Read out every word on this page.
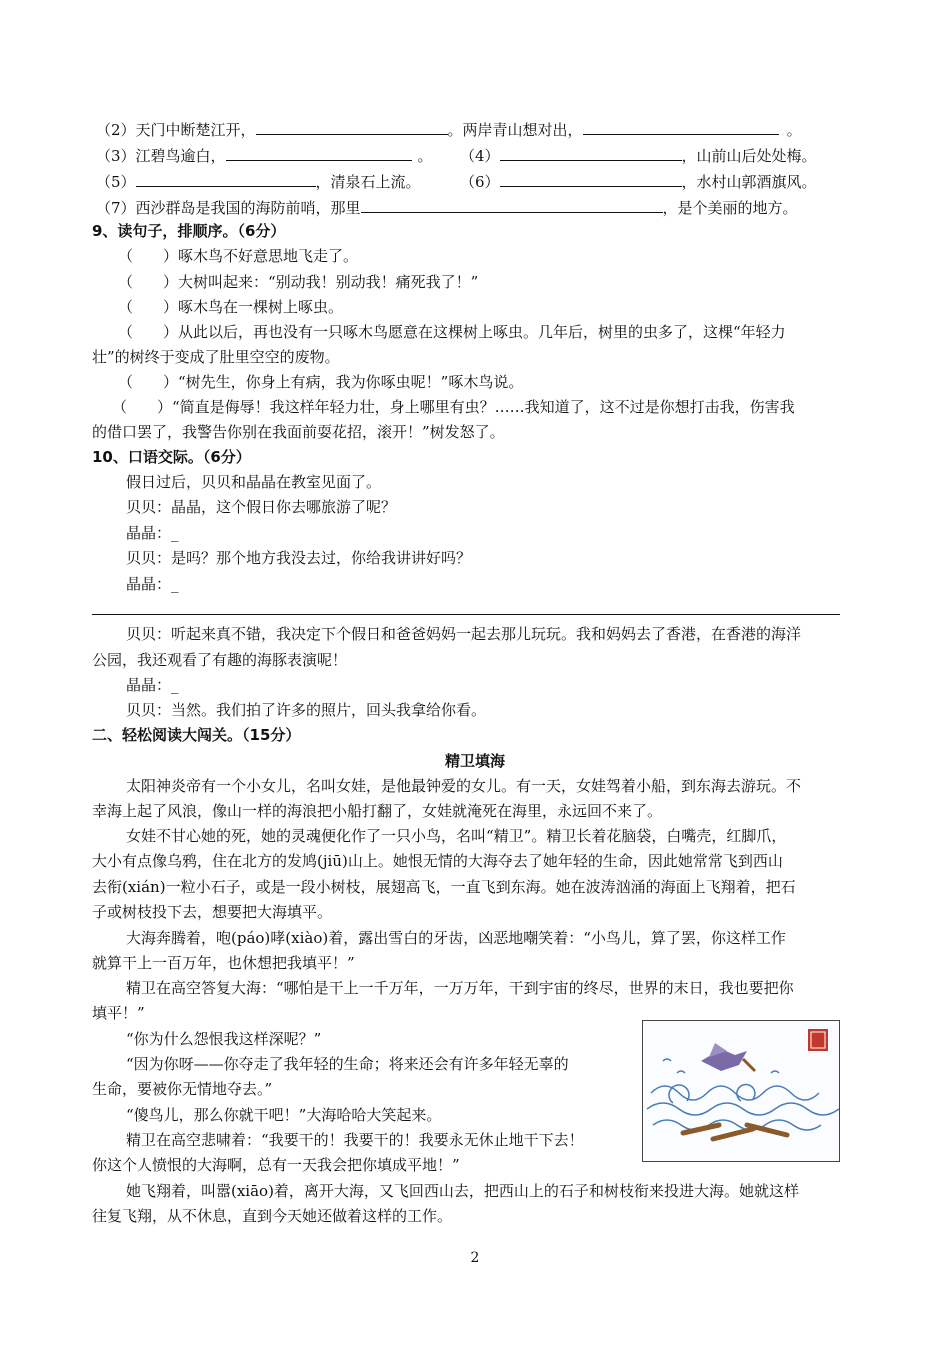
（2）天门中断楚江开，	。两岸青山想对出，	。
（3）江碧鸟逾白，	。 （4）	，山前山后处处梅。
（5）	，清泉石上流。	（6）	，水村山郭酒旗风。
（7）西沙群岛是我国的海防前哨，那里	，是个美丽的地方。
9、读句子，排顺序。（6分）
（　　）啄木鸟不好意思地飞走了。
（　　）大树叫起来：“别动我！别动我！痛死我了！”
（　　）啄木鸟在一棵树上啄虫。
（　　）从此以后，再也没有一只啄木鸟愿意在这棵树上啄虫。几年后，树里的虫多了，这棵“年轻力
壮”的树终于变成了肚里空空的废物。
（　　）“树先生，你身上有病，我为你啄虫呢！”啄木鸟说。
（　　）“简直是侮辱！我这样年轻力壮，身上哪里有虫？……我知道了，这不过是你想打击我，伤害我
的借口罢了，我警告你别在我面前耍花招，滚开！”树发怒了。
10、口语交际。（6分）
假日过后，贝贝和晶晶在教室见面了。
贝贝：晶晶，这个假日你去哪旅游了呢？
晶晶：_
贝贝：是吗？那个地方我没去过，你给我讲讲好吗？
晶晶：_
贝贝：听起来真不错，我决定下个假日和爸爸妈妈一起去那儿玩玩。我和妈妈去了香港，在香港的海洋
公园，我还观看了有趣的海豚表演呢！
晶晶：_
贝贝：当然。我们拍了许多的照片，回头我拿给你看。
二、轻松阅读大闯关。（15分）
精卫填海
太阳神炎帝有一个小女儿，名叫女娃，是他最钟爱的女儿。有一天，女娃驾着小船，到东海去游玩。不
幸海上起了风浪，像山一样的海浪把小船打翻了，女娃就淹死在海里，永远回不来了。
女娃不甘心她的死，她的灵魂便化作了一只小鸟，名叫“精卫”。精卫长着花脑袋，白嘴壳，红脚爪，
大小有点像乌鸦，住在北方的发鸠(jiū)山上。她恨无情的大海夺去了她年轻的生命，因此她常常飞到西山
去衔(xián)一粒小石子，或是一段小树枝，展翅高飞，一直飞到东海。她在波涛汹涌的海面上飞翔着，把石
子或树枝投下去，想要把大海填平。
大海奔腾着，咆(páo)哮(xiào)着，露出雪白的牙齿，凶恶地嘲笑着：“小鸟儿，算了罢，你这样工作
就算干上一百万年，也休想把我填平！”
精卫在高空答复大海：“哪怕是干上一千万年，一万万年，干到宇宙的终尽，世界的末日，我也要把你
填平！”
“你为什么怨恨我这样深呢？”
“因为你呀——你夺走了我年轻的生命；将来还会有许多年轻无辜的
生命，要被你无情地夺去。”
“傻鸟儿，那么你就干吧！”大海哈哈大笑起来。
精卫在高空悲啸着：“我要干的！我要干的！我要永无休止地干下去！
你这个人愤恨的大海啊，总有一天我会把你填成平地！”
她飞翔着，叫嚣(xiāo)着，离开大海，又飞回西山去，把西山上的石子和树枝衔来投进大海。她就这样
往复飞翔，从不休息，直到今天她还做着这样的工作。
2
